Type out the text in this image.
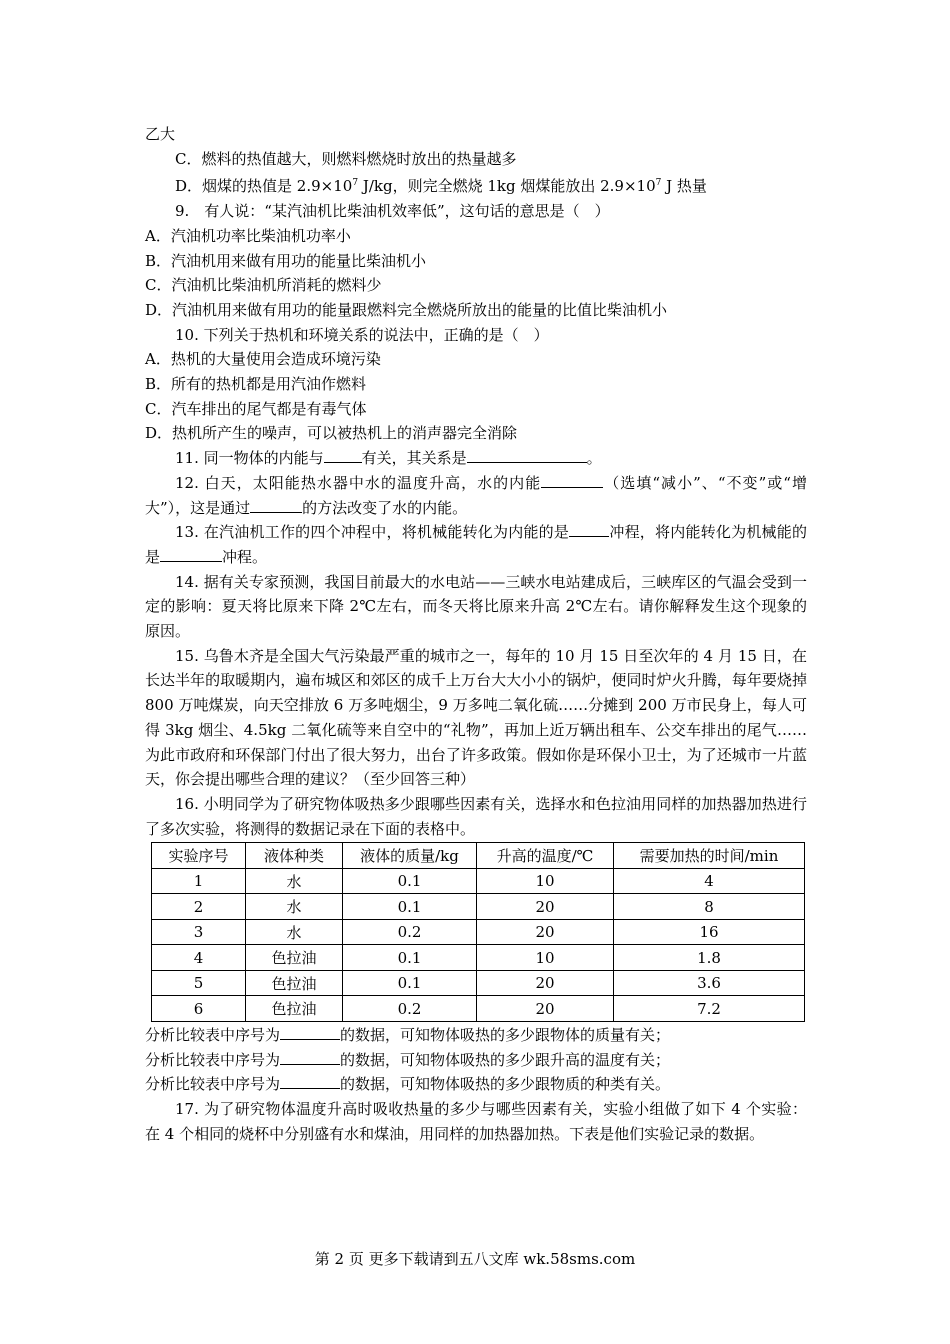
乙大
C．燃料的热值越大，则燃料燃烧时放出的热量越多
D．烟煤的热值是 $2.9\times 10^7$ J/kg，则完全燃烧 1kg 烟煤能放出 $2.9\times 10^7$ J 热量
9.　有人说：“某汽油机比柴油机效率低”，这句话的意思是（　）
A．汽油机功率比柴油机功率小
B．汽油机用来做有用功的能量比柴油机小
C．汽油机比柴油机所消耗的燃料少
D．汽油机用来做有用功的能量跟燃料完全燃烧所放出的能量的比值比柴油机小
10. 下列关于热机和环境关系的说法中，正确的是（　）
A．热机的大量使用会造成环境污染
B．所有的热机都是用汽油作燃料
C．汽车排出的尾气都是有毒气体
D．热机所产生的噪声，可以被热机上的消声器完全消除
11. 同一物体的内能与	有关，其关系是	。
12. 白天，太阳能热水器中水的温度升高，水的内能	（选填“减小”、“不变”或“增大”），这是通过	的方法改变了水的内能。
13. 在汽油机工作的四个冲程中，将机械能转化为内能的是	冲程，将内能转化为机械能的是	冲程。
14. 据有关专家预测，我国目前最大的水电站——三峡水电站建成后，三峡库区的气温会受到一定的影响：夏天将比原来下降 2℃左右，而冬天将比原来升高 2℃左右。请你解释发生这个现象的原因。
15. 乌鲁木齐是全国大气污染最严重的城市之一，每年的 10 月 15 日至次年的 4 月 15 日，在长达半年的取暖期内，遍布城区和郊区的成千上万台大大小小的锅炉，便同时炉火升腾，每年要烧掉 800 万吨煤炭，向天空排放 6 万多吨烟尘，9 万多吨二氧化硫……分摊到 200 万市民身上，每人可得 3kg 烟尘、4.5kg 二氧化硫等来自空中的“礼物”，再加上近万辆出租车、公交车排出的尾气……为此市政府和环保部门付出了很大努力，出台了许多政策。假如你是环保小卫士，为了还城市一片蓝天，你会提出哪些合理的建议？（至少回答三种）
16. 小明同学为了研究物体吸热多少跟哪些因素有关，选择水和色拉油用同样的加热器加热进行了多次实验，将测得的数据记录在下面的表格中。
实验序号	液体种类	液体的质量/kg	升高的温度/℃	需要加热的时间/min
1	水	0.1	10	4
2	水	0.1	20	8
3	水	0.2	20	16
4	色拉油	0.1	10	1.8
5	色拉油	0.1	20	3.6
6	色拉油	0.2	20	7.2
分析比较表中序号为	的数据，可知物体吸热的多少跟物体的质量有关；
分析比较表中序号为	的数据，可知物体吸热的多少跟升高的温度有关；
分析比较表中序号为	的数据，可知物体吸热的多少跟物质的种类有关。
17. 为了研究物体温度升高时吸收热量的多少与哪些因素有关，实验小组做了如下 4 个实验：在 4 个相同的烧杯中分别盛有水和煤油，用同样的加热器加热。下表是他们实验记录的数据。
第 2 页 更多下载请到五八文库 wk.58sms.com
